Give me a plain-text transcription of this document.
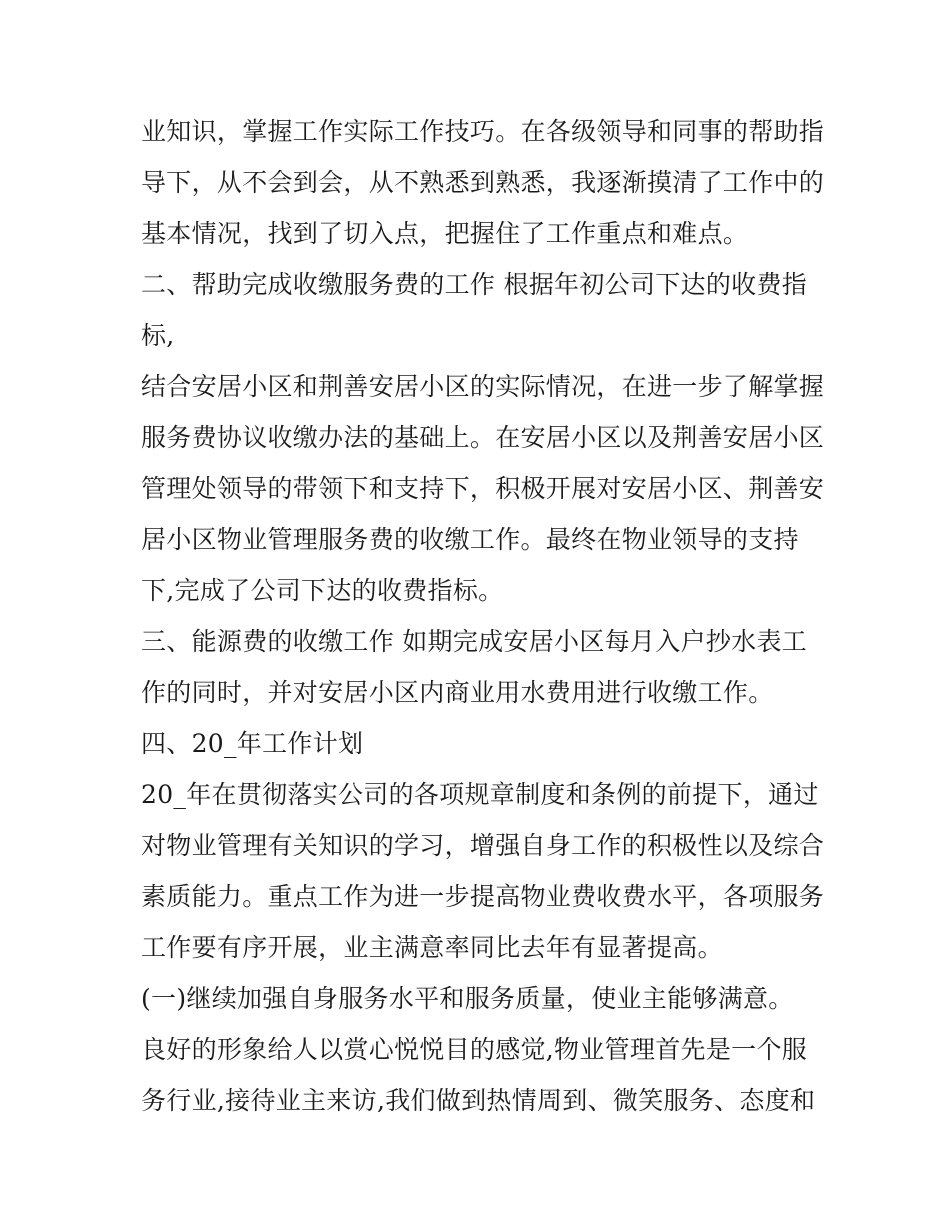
业知识，掌握工作实际工作技巧。在各级领导和同事的帮助指
导下，从不会到会，从不熟悉到熟悉，我逐渐摸清了工作中的
基本情况，找到了切入点，把握住了工作重点和难点。
二、帮助完成收缴服务费的工作 根据年初公司下达的收费指
标,
结合安居小区和荆善安居小区的实际情况，在进一步了解掌握
服务费协议收缴办法的基础上。在安居小区以及荆善安居小区
管理处领导的带领下和支持下，积极开展对安居小区、荆善安
居小区物业管理服务费的收缴工作。最终在物业领导的支持
下,完成了公司下达的收费指标。
三、能源费的收缴工作 如期完成安居小区每月入户抄水表工
作的同时，并对安居小区内商业用水费用进行收缴工作。
四、20_年工作计划
20_年在贯彻落实公司的各项规章制度和条例的前提下，通过
对物业管理有关知识的学习，增强自身工作的积极性以及综合
素质能力。重点工作为进一步提高物业费收费水平，各项服务
工作要有序开展，业主满意率同比去年有显著提高。
(一)继续加强自身服务水平和服务质量，使业主能够满意。
良好的形象给人以赏心悦悦目的感觉,物业管理首先是一个服
务行业,接待业主来访,我们做到热情周到、微笑服务、态度和
